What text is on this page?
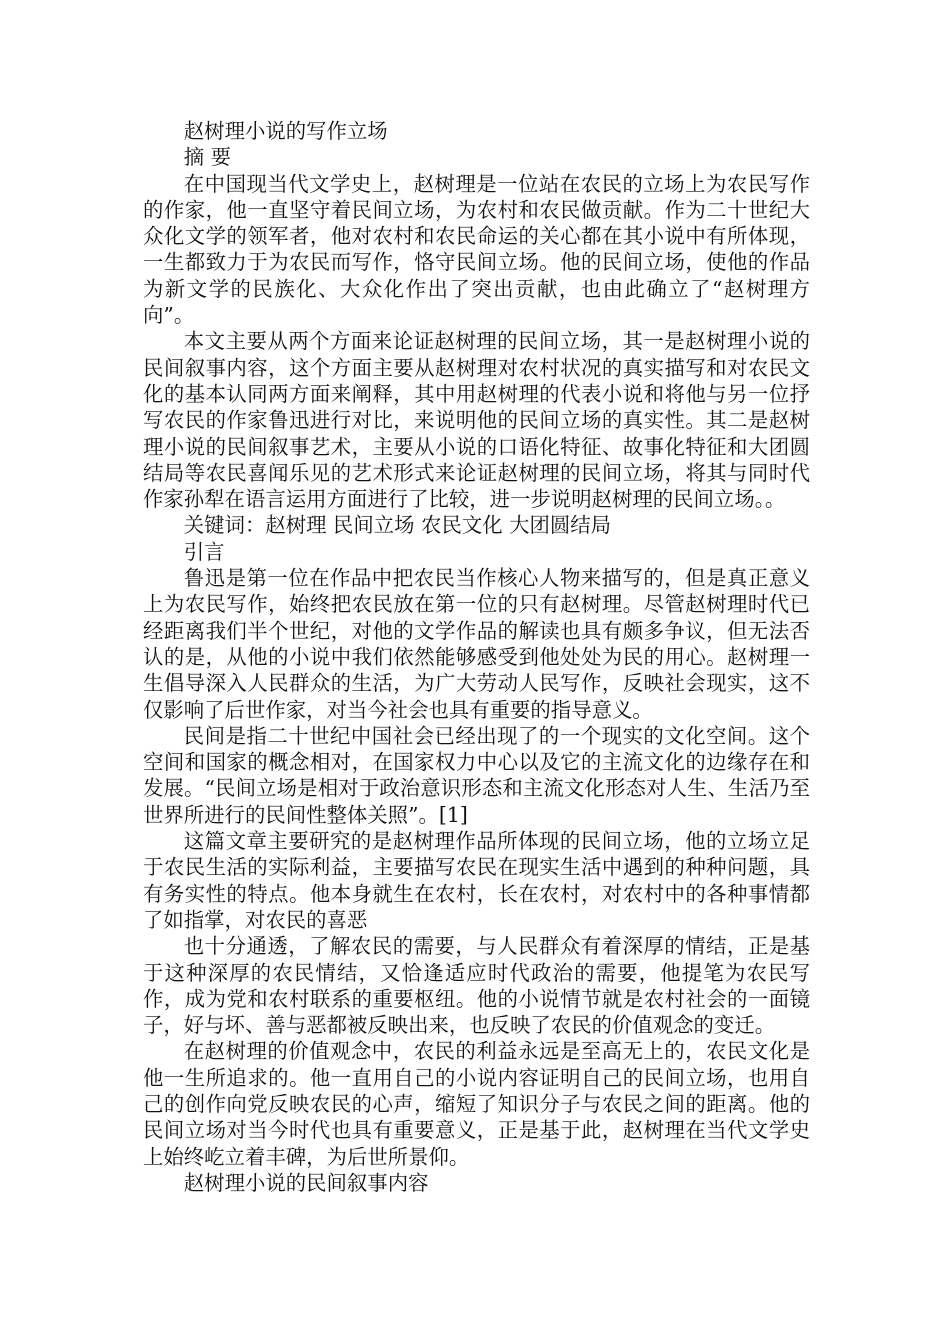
赵树理小说的写作立场

摘 要

在中国现当代文学史上，赵树理是一位站在农民的立场上为农民写作的作家，他一直坚守着民间立场，为农村和农民做贡献。作为二十世纪大众化文学的领军者，他对农村和农民命运的关心都在其小说中有所体现，一生都致力于为农民而写作，恪守民间立场。他的民间立场，使他的作品为新文学的民族化、大众化作出了突出贡献，也由此确立了“赵树理方向”。

本文主要从两个方面来论证赵树理的民间立场，其一是赵树理小说的民间叙事内容，这个方面主要从赵树理对农村状况的真实描写和对农民文化的基本认同两方面来阐释，其中用赵树理的代表小说和将他与另一位抒写农民的作家鲁迅进行对比，来说明他的民间立场的真实性。其二是赵树理小说的民间叙事艺术，主要从小说的口语化特征、故事化特征和大团圆结局等农民喜闻乐见的艺术形式来论证赵树理的民间立场，将其与同时代作家孙犁在语言运用方面进行了比较，进一步说明赵树理的民间立场。。

关键词：赵树理 民间立场 农民文化 大团圆结局

引言

鲁迅是第一位在作品中把农民当作核心人物来描写的，但是真正意义上为农民写作，始终把农民放在第一位的只有赵树理。尽管赵树理时代已经距离我们半个世纪，对他的文学作品的解读也具有颇多争议，但无法否认的是，从他的小说中我们依然能够感受到他处处为民的用心。赵树理一生倡导深入人民群众的生活，为广大劳动人民写作，反映社会现实，这不仅影响了后世作家，对当今社会也具有重要的指导意义。

民间是指二十世纪中国社会已经出现了的一个现实的文化空间。这个空间和国家的概念相对，在国家权力中心以及它的主流文化的边缘存在和发展。“民间立场是相对于政治意识形态和主流文化形态对人生、生活乃至世界所进行的民间性整体关照”。[1]

这篇文章主要研究的是赵树理作品所体现的民间立场，他的立场立足于农民生活的实际利益，主要描写农民在现实生活中遇到的种种问题，具有务实性的特点。他本身就生在农村，长在农村，对农村中的各种事情都了如指掌，对农民的喜恶

也十分通透，了解农民的需要，与人民群众有着深厚的情结，正是基于这种深厚的农民情结，又恰逢适应时代政治的需要，他提笔为农民写作，成为党和农村联系的重要枢纽。他的小说情节就是农村社会的一面镜子，好与坏、善与恶都被反映出来，也反映了农民的价值观念的变迁。

在赵树理的价值观念中，农民的利益永远是至高无上的，农民文化是他一生所追求的。他一直用自己的小说内容证明自己的民间立场，也用自己的创作向党反映农民的心声，缩短了知识分子与农民之间的距离。他的民间立场对当今时代也具有重要意义，正是基于此，赵树理在当代文学史上始终屹立着丰碑，为后世所景仰。

赵树理小说的民间叙事内容
